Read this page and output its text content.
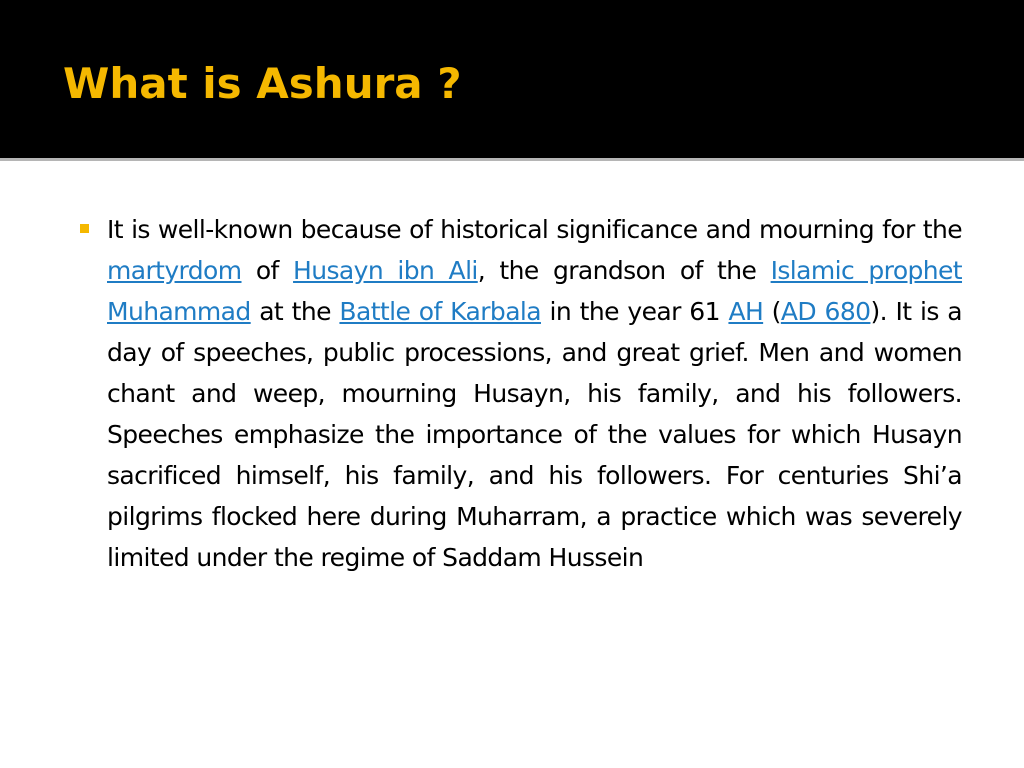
What is Ashura ?

It is well-known because of historical significance and mourning for the martyrdom of Husayn ibn Ali, the grandson of the Islamic prophet Muhammad at the Battle of Karbala in the year 61 AH (AD 680). It is a day of speeches, public processions, and great grief. Men and women chant and weep, mourning Husayn, his family, and his followers. Speeches emphasize the importance of the values for which Husayn sacrificed himself, his family, and his followers. For centuries Shi’a pilgrims flocked here during Muharram, a practice which was severely limited under the regime of Saddam Hussein
